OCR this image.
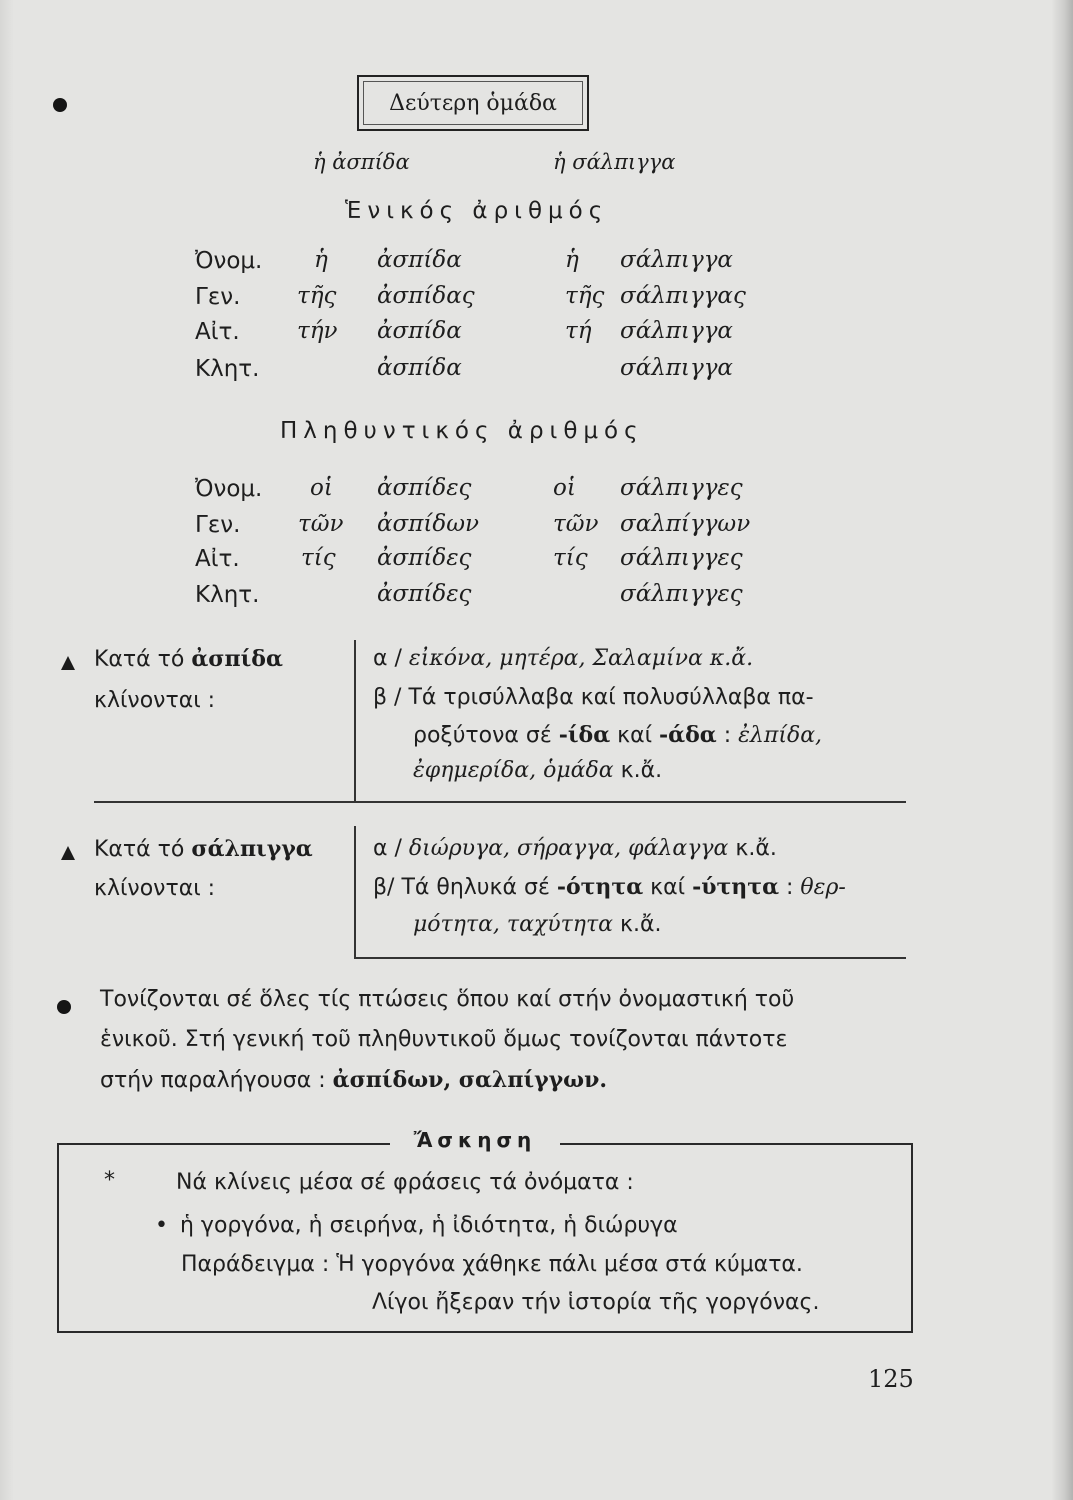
Δεύτερη ὁμάδα
ἡ ἀσπίδα	ἡ σάλπιγγα
Ἑνικός ἀριθμός
Ὀνομ. ἡ ἀσπίδα	ἡ σάλπιγγα
Γεν. τῆς ἀσπίδας	τῆς σάλπιγγας
Αἰτ. τήν ἀσπίδα	τή σάλπιγγα
Κλητ.	ἀσπίδα	σάλπιγγα
Πληθυντικός ἀριθμός
Ὀνομ. οἱ ἀσπίδες	οἱ σάλπιγγες
Γεν.	τῶν ἀσπίδων	τῶν σαλπίγγων
Αἰτ.	τίς ἀσπίδες	τίς σάλπιγγες
Κλητ.	ἀσπίδες	σάλπιγγες
Κατά τό ἀσπίδα
κλίνονται :
α / εἰκόνα, μητέρα, Σαλαμίνα κ.ἄ.
β / Τά τρισύλλαβα καί πολυσύλλαβα πα-
ροξύτονα σέ -ίδα καί -άδα : ἐλπίδα,
ἐφημερίδα, ὁμάδα κ.ἄ.
Κατά τό σάλπιγγα
κλίνονται :
α / διώρυγα, σήραγγα, φάλαγγα κ.ἄ.
β/ Τά θηλυκά σέ -ότητα καί -ύτητα : θερ-
μότητα, ταχύτητα κ.ἄ.
Τονίζονται σέ ὅλες τίς πτώσεις ὅπου καί στήν ὀνομαστική τοῦ
ἑνικοῦ. Στή γενική τοῦ πληθυντικοῦ ὅμως τονίζονται πάντοτε
στήν παραλήγουσα : ἀσπίδων, σαλπίγγων.
Ἄσκηση
*	Νά κλίνεις μέσα σέ φράσεις τά ὀνόματα :
• ἡ γοργόνα, ἡ σειρήνα, ἡ ἰδιότητα, ἡ διώρυγα
Παράδειγμα : Ἡ γοργόνα χάθηκε πάλι μέσα στά κύματα.
Λίγοι ἤξεραν τήν ἱστορία τῆς γοργόνας.
125
